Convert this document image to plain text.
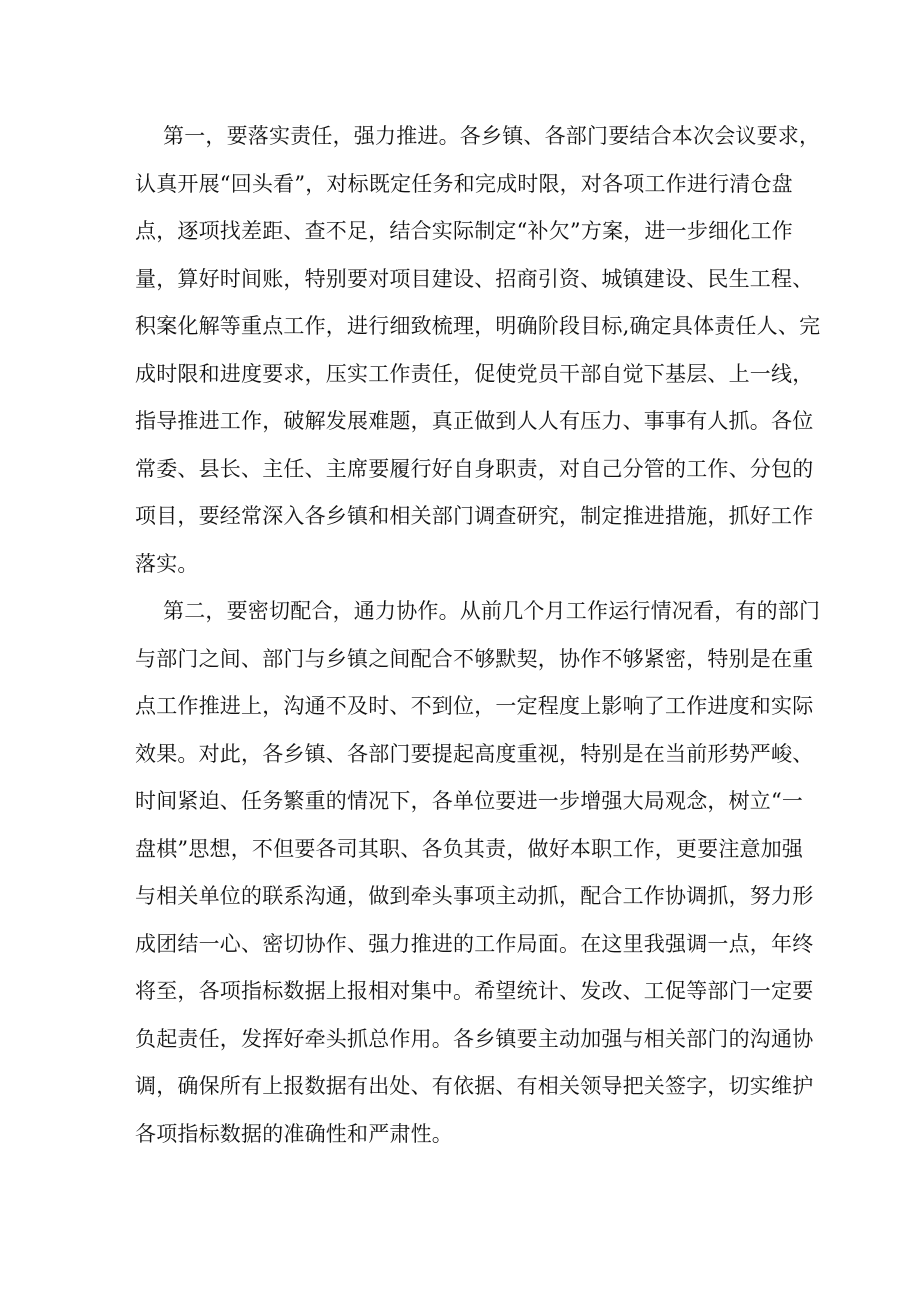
第一，要落实责任，强力推进。各乡镇、各部门要结合本次会议要求，
认真开展“回头看”，对标既定任务和完成时限，对各项工作进行清仓盘
点，逐项找差距、查不足，结合实际制定“补欠”方案，进一步细化工作
量，算好时间账，特别要对项目建设、招商引资、城镇建设、民生工程、
积案化解等重点工作，进行细致梳理，明确阶段目标,确定具体责任人、完
成时限和进度要求，压实工作责任，促使党员干部自觉下基层、上一线，
指导推进工作，破解发展难题，真正做到人人有压力、事事有人抓。各位
常委、县长、主任、主席要履行好自身职责，对自己分管的工作、分包的
项目，要经常深入各乡镇和相关部门调查研究，制定推进措施，抓好工作
落实。
第二，要密切配合，通力协作。从前几个月工作运行情况看，有的部门
与部门之间、部门与乡镇之间配合不够默契，协作不够紧密，特别是在重
点工作推进上，沟通不及时、不到位，一定程度上影响了工作进度和实际
效果。对此，各乡镇、各部门要提起高度重视，特别是在当前形势严峻、
时间紧迫、任务繁重的情况下，各单位要进一步增强大局观念，树立“一
盘棋”思想，不但要各司其职、各负其责，做好本职工作，更要注意加强
与相关单位的联系沟通，做到牵头事项主动抓，配合工作协调抓，努力形
成团结一心、密切协作、强力推进的工作局面。在这里我强调一点，年终
将至，各项指标数据上报相对集中。希望统计、发改、工促等部门一定要
负起责任，发挥好牵头抓总作用。各乡镇要主动加强与相关部门的沟通协
调，确保所有上报数据有出处、有依据、有相关领导把关签字，切实维护
各项指标数据的准确性和严肃性。
